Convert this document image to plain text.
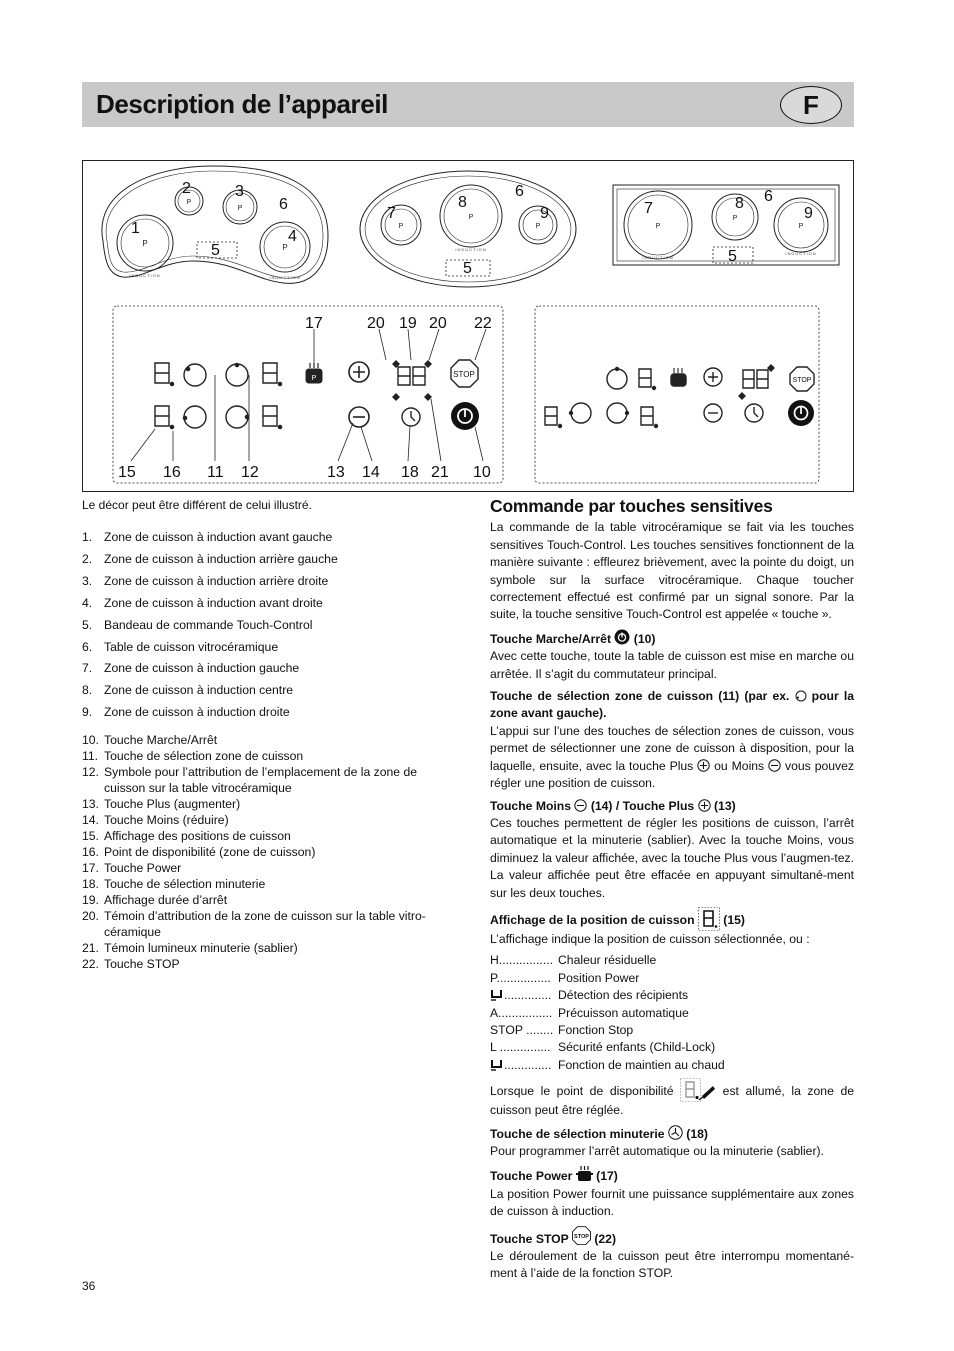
Description de l’appareil	F
P
P
P
P
INDUCTION	INDUCTION
1
2	3
4
6
5
P
P
P
INDUCTION
7
8
9
6
5
P
P
P
INDUCTION
INDUCTION
7	8
9
6
5
P	STOP
17	20 19 20 22
15 16 11 12	13 14 18 21 10
STOP
Le décor peut être différent de celui illustré.
1. Zone de cuisson à induction avant gauche
2. Zone de cuisson à induction arrière gauche
3. Zone de cuisson à induction arrière droite
4. Zone de cuisson à induction avant droite
5. Bandeau de commande Touch-Control
6. Table de cuisson vitrocéramique
7. Zone de cuisson à induction gauche
8. Zone de cuisson à induction centre
9. Zone de cuisson à induction droite
10. Touche Marche/Arrêt
11. Touche de sélection zone de cuisson
12. Symbole pour l’attribution de l’emplacement de la zone de cuisson sur la table vitrocéramique
13. Touche Plus (augmenter)
14. Touche Moins (réduire)
15. Affichage des positions de cuisson
16. Point de disponibilité (zone de cuisson)
17. Touche Power
18. Touche de sélection minuterie
19. Affichage durée d’arrêt
20. Témoin d’attribution de la zone de cuisson sur la table vitro-céramique
21. Témoin lumineux minuterie (sablier)
22. Touche STOP
Commande par touches sensitives

La commande de la table vitrocéramique se fait via les touches sensitives Touch-Control. Les touches sensitives fonctionnent de la manière suivante : effleurez brièvement, avec la pointe du doigt, un symbole sur la surface vitrocéramique. Chaque toucher correctement effectué est confirmé par un signal sonore. Par la suite, la touche sensitive Touch-Control est appelée « touche ».

Touche Marche/Arrêt (10)

Avec cette touche, toute la table de cuisson est mise en marche ou arrêtée. Il s’agit du commutateur principal.

Touche de sélection zone de cuisson (11) (par ex. pour la zone avant gauche).

L’appui sur l’une des touches de sélection zones de cuisson, vous permet de sélectionner une zone de cuisson à disposition, pour la laquelle, ensuite, avec la touche Plus ou Moins vous pouvez régler une position de cuisson.

Touche Moins (14) / Touche Plus (13)

Ces touches permettent de régler les positions de cuisson, l’arrêt automatique et la minuterie (sablier). Avec la touche Moins, vous diminuez la valeur affichée, avec la touche Plus vous l’augmen-tez. La valeur affichée peut être effacée en appuyant simultané-ment sur les deux touches.

Affichage de la position de cuisson (15)

L’affichage indique la position de cuisson sélectionnée, ou :

H................ Chaleur résiduelle
P................ Position Power
.............. Détection des récipients
A................ Précuisson automatique
STOP ........ Fonction Stop
L ............... Sécurité enfants (Child-Lock)
.............. Fonction de maintien au chaud

Lorsque le point de disponibilité	est allumé, la zone de cuisson peut être réglée.

Touche de sélection minuterie (18)

Pour programmer l’arrêt automatique ou la minuterie (sablier).

Touche Power (17)

La position Power fournit une puissance supplémentaire aux zones de cuisson à induction.

Touche STOP STOP (22)

Le déroulement de la cuisson peut être interrompu momentané-ment à l’aide de la fonction STOP.

36
